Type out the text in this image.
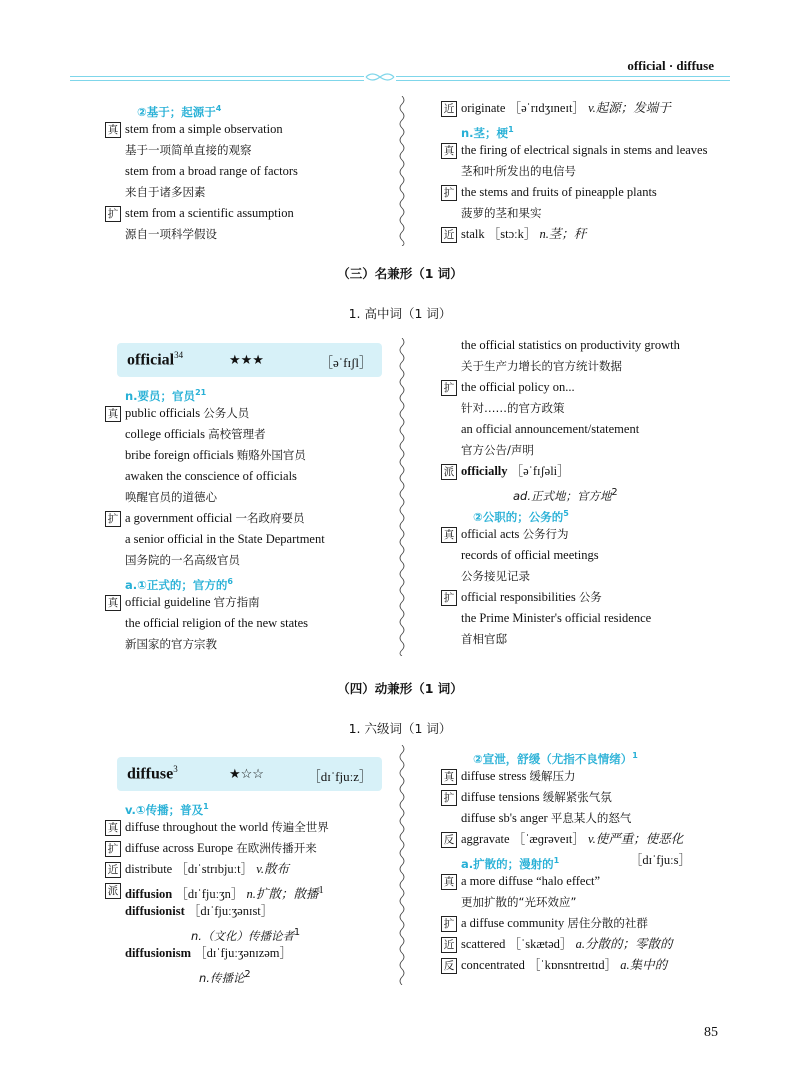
official · diffuse
②基于；起源于$^4$
真 stem from a simple observation
基于一项简单直接的观察
stem from a broad range of factors
来自于诸多因素
扩 stem from a scientific assumption
源自一项科学假设
近 originate ［əˈrɪdʒɪneɪt］ v.起源；发端于
n.茎；梗$^1$
真 the firing of electrical signals in stems and leaves
茎和叶所发出的电信号
扩 the stems and fruits of pineapple plants
菠萝的茎和果实
近 stalk ［stɔːk］ n.茎；秆
（三）名兼形（1 词）
1. 高中词（1 词）
official$^{34}$	★★★	［əˈfɪʃl］
n.要员；官员$^{21}$
真 public officials 公务人员
college officials 高校管理者
bribe foreign officials 贿赂外国官员
awaken the conscience of officials
唤醒官员的道德心
扩 a government official 一名政府要员
a senior official in the State Department
国务院的一名高级官员
a.①正式的；官方的$^6$
真 official guideline 官方指南
the official religion of the new states
新国家的官方宗教
the official statistics on productivity growth
关于生产力增长的官方统计数据
扩 the official policy on...
针对……的官方政策
an official announcement/statement
官方公告/声明
派 officially ［əˈfɪʃəli］
ad.正式地；官方地$^2$
②公职的；公务的$^5$
真 official acts 公务行为
records of official meetings
公务接见记录
扩 official responsibilities 公务
the Prime Minister's official residence
首相官邸
（四）动兼形（1 词）
1. 六级词（1 词）
diffuse$^3$	★☆☆	［dɪˈfjuːz］
v.①传播；普及$^1$
真 diffuse throughout the world 传遍全世界
扩 diffuse across Europe 在欧洲传播开来
近 distribute ［dɪˈstrɪbjuːt］ v.散布
派 diffusion ［dɪˈfjuːʒn］ n.扩散；散播$^1$
diffusionist ［dɪˈfjuːʒənɪst］
n.（文化）传播论者$^1$
diffusionism ［dɪˈfjuːʒənɪzəm］
n.传播论$^2$
②宣泄，舒缓（尤指不良情绪）$^1$
真 diffuse stress 缓解压力
扩 diffuse tensions 缓解紧张气氛
diffuse sb's anger 平息某人的怒气
反 aggravate ［ˈæɡrəveɪt］ v.使严重；使恶化
a.扩散的；漫射的$^1$	［dɪˈfjuːs］
真 a more diffuse “halo effect”
更加扩散的“光环效应”
扩 a diffuse community 居住分散的社群
近 scattered ［ˈskætəd］ a.分散的；零散的
反 concentrated ［ˈkɒnsntreɪtɪd］ a.集中的
85
